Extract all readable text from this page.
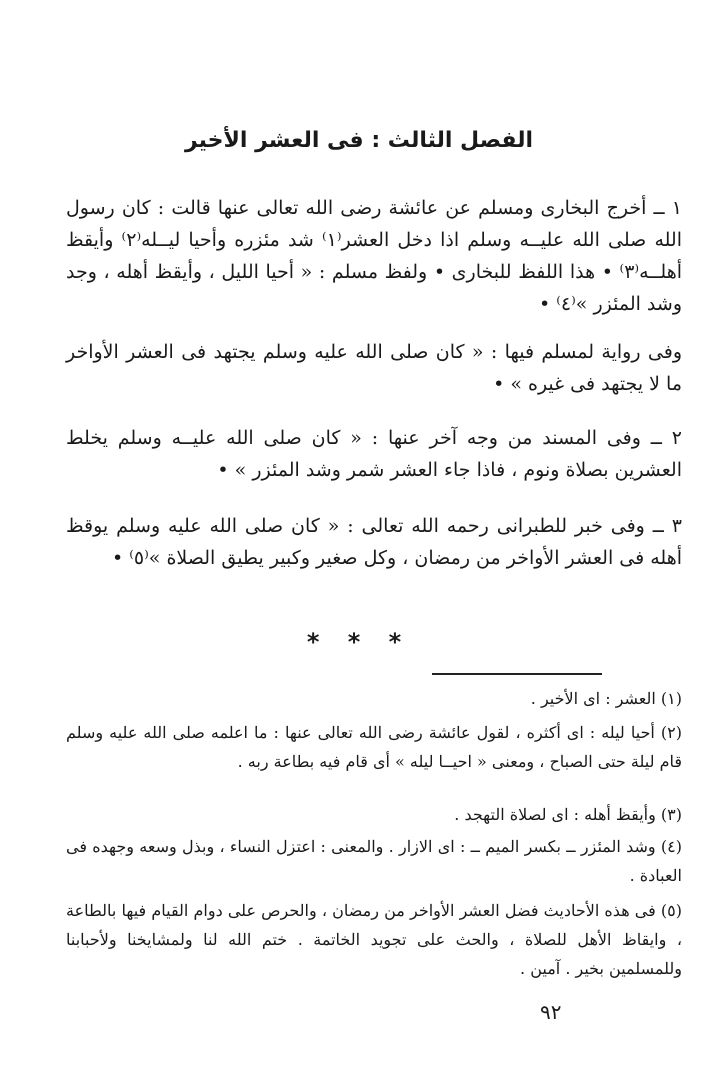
الفصل الثالث : فى العشر الأخير
١ ــ أخرج البخارى ومسلم عن عائشة رضى الله تعالى عنها قالت : كان رسول الله صلى الله عليــه وسلم اذا دخل العشر⁽١⁾ شد مئزره وأحيا ليــله⁽٢⁾ وأيقظ أهلــه⁽٣⁾ • هذا اللفظ للبخارى • ولفظ مسلم : « أحيا الليل ، وأيقظ أهله ، وجد وشد المئزر »⁽٤⁾ •
وفى رواية لمسلم فيها : « كان صلى الله عليه وسلم يجتهد فى العشر الأواخر ما لا يجتهد فى غيره » •
٢ ــ وفى المسند من وجه آخر عنها : « كان صلى الله عليــه وسلم يخلط العشرين بصلاة ونوم ، فاذا جاء العشر شمر وشد المئزر » •
٣ ــ وفى خبر للطبرانى رحمه الله تعالى : « كان صلى الله عليه وسلم يوقظ أهله فى العشر الأواخر من رمضان ، وكل صغير وكبير يطيق الصلاة »⁽٥⁾ •
* * *
(١) العشر : اى الأخير .
(٢) أحيا ليله : اى أكثره ، لقول عائشة رضى الله تعالى عنها : ما اعلمه صلى الله عليه وسلم قام ليلة حتى الصباح ، ومعنى « احيــا ليله » أى قام فيه بطاعة ربه .
(٣) وأيقظ أهله : اى لصلاة التهجد .
(٤) وشد المئزر ــ بكسر الميم ــ : اى الازار . والمعنى : اعتزل النساء ، وبذل وسعه وجهده فى العبادة .
(٥) فى هذه الأحاديث فضل العشر الأواخر من رمضان ، والحرص على دوام القيام فيها بالطاعة ، وايقاظ الأهل للصلاة ، والحث على تجويد الخاتمة . ختم الله لنا ولمشايخنا ولأحبابنا وللمسلمين بخير . آمين .
٩٢
